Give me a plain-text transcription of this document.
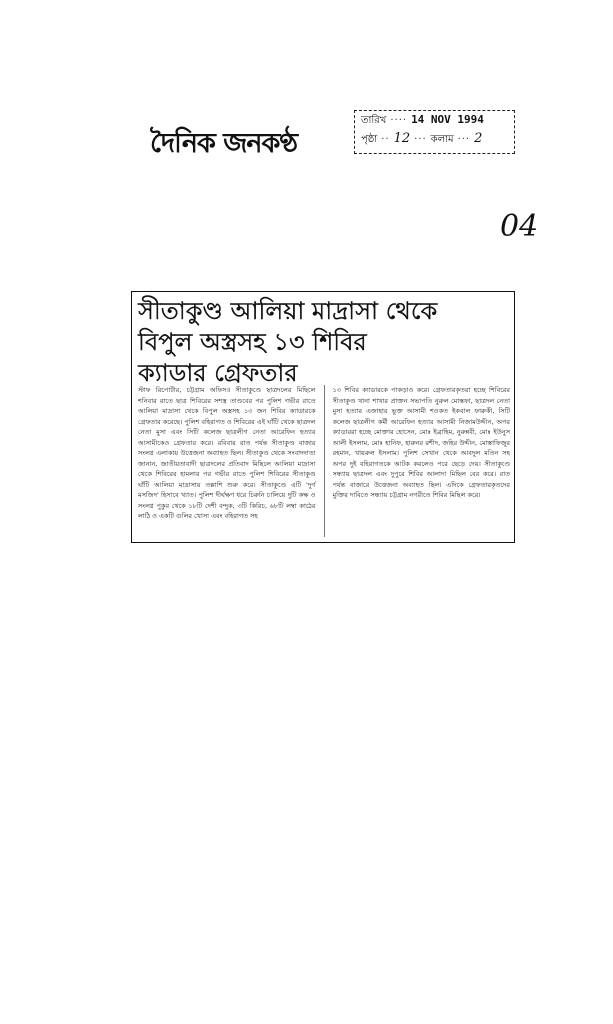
দৈনিক জনকণ্ঠ
তারিখ ···· 14 NOV 1994
পৃষ্ঠা ·· 12 ··· কলাম ··· 2
04
সীতাকুণ্ড আলিয়া মাদ্রাসা থেকে
বিপুল অস্ত্রসহ ১৩ শিবির
ক্যাডার গ্রেফতার

স্টাফ রিপোর্টার, চট্টগ্রাম অফিস॥ সীতাকুণ্ডে ছাত্রদলের মিছিলে শনিবার রাতে ছাত্র শিবিরের সশস্ত্র তাণ্ডবের পর পুলিশ গভীর রাতে আলিয়া মাদ্রাসা থেকে বিপুল অস্ত্রসহ ১৩ জন শিবির ক্যাডারকে গ্রেফতার করেছে। পুলিশ বহিরাগত ও শিবিরের এই ঘাঁটি থেকে ছাত্রদল নেতা মুসা এবং সিটি কলেজ ছাত্রলীগ নেতা আরেফিন হত্যার আসামীকেও গ্রেফতার করে। রবিবার রাত পর্যন্ত সীতাকুণ্ড বাজার সংলগ্ন এলাকায় উত্তেজনা অব্যাহত ছিল। সীতাকুণ্ড থেকে সংবাদদাতা জানান, জাতীয়তাবাদী ছাত্রদলের প্রতিবাদ মিছিলে আলিয়া মাদ্রাসা থেকে শিবিরের হামলার পর গভীর রাতে পুলিশ শিবিরের সীতাকুণ্ড ঘাঁটি আলিয়া মাদ্রাসায় তল্লাশি শুরু করে। সীতাকুণ্ডে এটি 'দুর্গ মসজিদ' হিসাবে খ্যাত। পুলিশ দীর্ঘক্ষণ ধরে চিরুনি চালিয়ে দুটি কক্ষ ও সংলগ্ন পুকুর থেকে ১৮টি দেশী বন্দুক, ৩টি কিরিচ, ৬৮টি লম্বা কাঠের লাঠি ও একটি গুলির খোসা এবং বহিরাগত সহ

১৩ শিবির ক্যাডারকে পাকড়াও করে। গ্রেফতারকৃতরা হচ্ছে শিবিরের সীতাকুণ্ড থানা শাখার প্রাক্তন সভাপতি নুরুল মোস্তফা, ছাত্রদল নেতা মুসা হত্যার এজাহার ভুক্ত আসামী শওকত ইকবাল ফারুকী, সিটি কলেজ ছাত্রলীগ কর্মী আরেফিন হত্যার আসামী নিজামউদ্দীন, অপর ক্যাডাররা হচ্ছে মোক্তার হোসেন, মোঃ ইব্রাহিম, নুরুন্নবী, মোঃ ইউনুস আলী ইসলাম, মোঃ হানিফ, হারুনর রশীদ, জহির উদ্দীন, মোস্তাফিজুর রহমান, খায়রুল ইসলাম। পুলিশ সেখান থেকে আবদুল মতিন সহ অপর দুই বহিরাগতকে আটক করলেও পরে ছেড়ে দেয়। সীতাকুণ্ডে সন্ধ্যায় ছাত্রদল এবং দুপুরে শিবির আলাদা মিছিল বের করে। রাত পর্যন্ত বাজারে উত্তেজনা অব্যাহত ছিল। এদিকে গ্রেফতারকৃতদের মুক্তির দাবিতে সন্ধ্যায় চট্টগ্রাম নগরীতে শিবির মিছিল করে।
